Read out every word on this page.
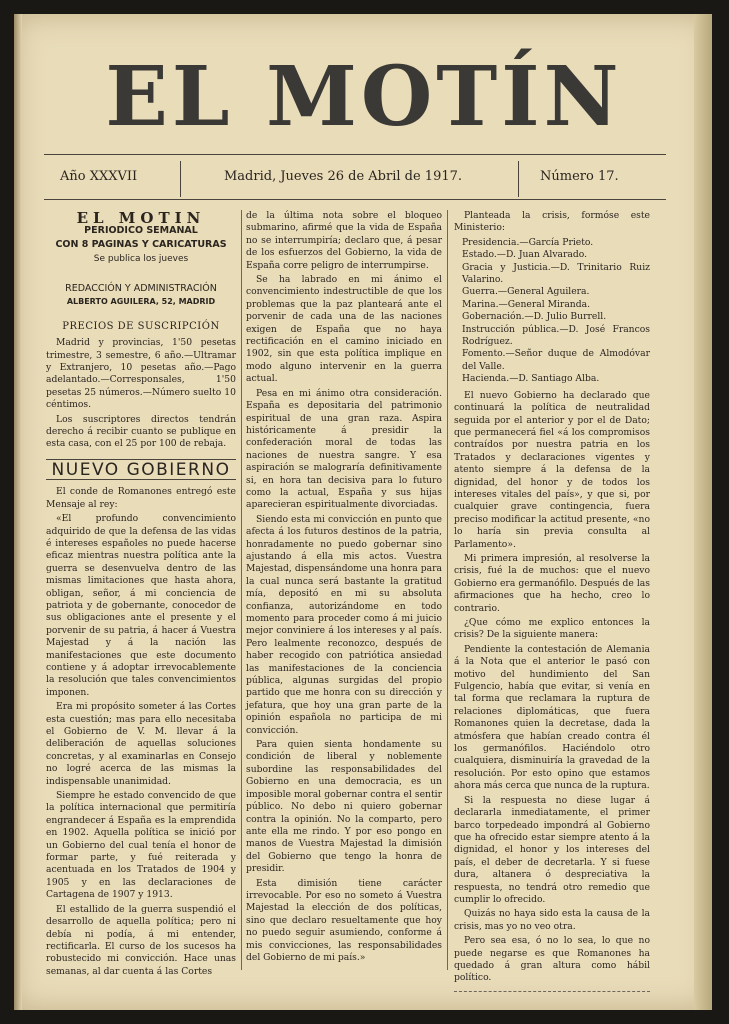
EL MOTÍN
Año XXXVII	Madrid, Jueves 26 de Abril de 1917.	Número 17.
EL MOTIN
PERIODICO SEMANAL
CON 8 PAGINAS Y CARICATURAS
Se publica los jueves
REDACCIÓN Y ADMINISTRACIÓN
ALBERTO AGUILERA, 52, MADRID
PRECIOS DE SUSCRIPCIÓN

Madrid y provincias, 1'50 pesetas trimestre, 3 semestre, 6 año.—Ultramar y Extranjero, 10 pesetas año.—Pago adelantado.—Corresponsales, 1'50 pesetas 25 números.—Número suelto 10 céntimos.

Los suscriptores directos tendrán derecho á recibir cuanto se publique en esta casa, con el 25 por 100 de rebaja.

NUEVO GOBIERNO

El conde de Romanones entregó este Mensaje al rey:

«El profundo convencimiento adquirido de que la defensa de las vidas é intereses españoles no puede hacerse eficaz mientras nuestra política ante la guerra se desenvuelva dentro de las mismas limitaciones que hasta ahora, obligan, señor, á mi conciencia de patriota y de gobernante, conocedor de sus obligaciones ante el presente y el porvenir de su patria, á hacer á Vuestra Majestad y á la nación las manifestaciones que este documento contiene y á adoptar irrevocablemente la resolución que tales convencimientos imponen.

Era mi propósito someter á las Cortes esta cuestión; mas para ello necesitaba el Gobierno de V. M. llevar á la deliberación de aquellas soluciones concretas, y al examinarlas en Consejo no logré acerca de las mismas la indispensable unanimidad.

Siempre he estado convencido de que la política internacional que permitiría engrandecer á España es la emprendida en 1902. Aquella política se inició por un Gobierno del cual tenía el honor de formar parte, y fué reiterada y acentuada en los Tratados de 1904 y 1905 y en las declaraciones de Cartagena de 1907 y 1913.

El estallido de la guerra suspendió el desarrollo de aquella política; pero ni debía ni podía, á mi entender, rectificarla. El curso de los sucesos ha robustecido mi convicción. Hace unas semanas, al dar cuenta á las Cortes

de la última nota sobre el bloqueo submarino, afirmé que la vida de España no se interrumpiría; declaro que, á pesar de los esfuerzos del Gobierno, la vida de España corre peligro de interrumpirse.

Se ha labrado en mi ánimo el convencimiento indestructible de que los problemas que la paz planteará ante el porvenir de cada una de las naciones exigen de España que no haya rectificación en el camino iniciado en 1902, sin que esta política implique en modo alguno intervenir en la guerra actual.

Pesa en mi ánimo otra consideración. España es depositaria del patrimonio espiritual de una gran raza. Aspira históricamente á presidir la confederación moral de todas las naciones de nuestra sangre. Y esa aspiración se malograría definitivamente si, en hora tan decisiva para lo futuro como la actual, España y sus hijas aparecieran espiritualmente divorciadas.

Siendo esta mi convicción en punto que afecta á los futuros destinos de la patria, honradamente no puedo gobernar sino ajustando á ella mis actos. Vuestra Majestad, dispensándome una honra para la cual nunca será bastante la gratitud mía, depositó en mi su absoluta confianza, autorizándome en todo momento para proceder como á mi juicio mejor conviniere á los intereses y al país. Pero lealmente reconozco, después de haber recogido con patriótica ansiedad las manifestaciones de la conciencia pública, algunas surgidas del propio partido que me honra con su dirección y jefatura, que hoy una gran parte de la opinión española no participa de mi convicción.

Para quien sienta hondamente su condición de liberal y noblemente subordine las responsabilidades del Gobierno en una democracia, es un imposible moral gobernar contra el sentir público. No debo ni quiero gobernar contra la opinión. No la comparto, pero ante ella me rindo. Y por eso pongo en manos de Vuestra Majestad la dimisión del Gobierno que tengo la honra de presidir.

Esta dimisión tiene carácter irrevocable. Por eso no someto á Vuestra Majestad la elección de dos políticas, sino que declaro resueltamente que hoy no puedo seguir asumiendo, conforme á mis convicciones, las responsabilidades del Gobierno de mi país.»

Planteada la crisis, formóse este Ministerio:

Presidencia.—García Prieto.

Estado.—D. Juan Alvarado.

Gracia y Justicia.—D. Trinitario Ruiz Valarino.

Guerra.—General Aguilera.

Marina.—General Miranda.

Gobernación.—D. Julio Burrell.

Instrucción pública.—D. José Francos Rodríguez.

Fomento.—Señor duque de Almodóvar del Valle.

Hacienda.—D. Santiago Alba.

El nuevo Gobierno ha declarado que continuará la política de neutralidad seguida por el anterior y por el de Dato; que permanecerá fiel «á los compromisos contraídos por nuestra patria en los Tratados y declaraciones vigentes y atento siempre á la defensa de la dignidad, del honor y de todos los intereses vitales del país», y que si, por cualquier grave contingencia, fuera preciso modificar la actitud presente, «no lo haría sin previa consulta al Parlamento».

Mi primera impresión, al resolverse la crisis, fué la de muchos: que el nuevo Gobierno era germanófilo. Después de las afirmaciones que ha hecho, creo lo contrario.

¿Que cómo me explico entonces la crisis? De la siguiente manera:

Pendiente la contestación de Alemania á la Nota que el anterior le pasó con motivo del hundimiento del San Fulgencio, había que evitar, si venía en tal forma que reclamara la ruptura de relaciones diplomáticas, que fuera Romanones quien la decretase, dada la atmósfera que habían creado contra él los germanófilos. Haciéndolo otro cualquiera, disminuiría la gravedad de la resolución. Por esto opino que estamos ahora más cerca que nunca de la ruptura.

Si la respuesta no diese lugar á declararla inmediatamente, el primer barco torpedeado impondrá al Gobierno que ha ofrecido estar siempre atento á la dignidad, el honor y los intereses del país, el deber de decretarla. Y si fuese dura, altanera ó despreciativa la respuesta, no tendrá otro remedio que cumplir lo ofrecido.

Quizás no haya sido esta la causa de la crisis, mas yo no veo otra.

Pero sea esa, ó no lo sea, lo que no puede negarse es que Romanones ha quedado á gran altura como hábil político.
